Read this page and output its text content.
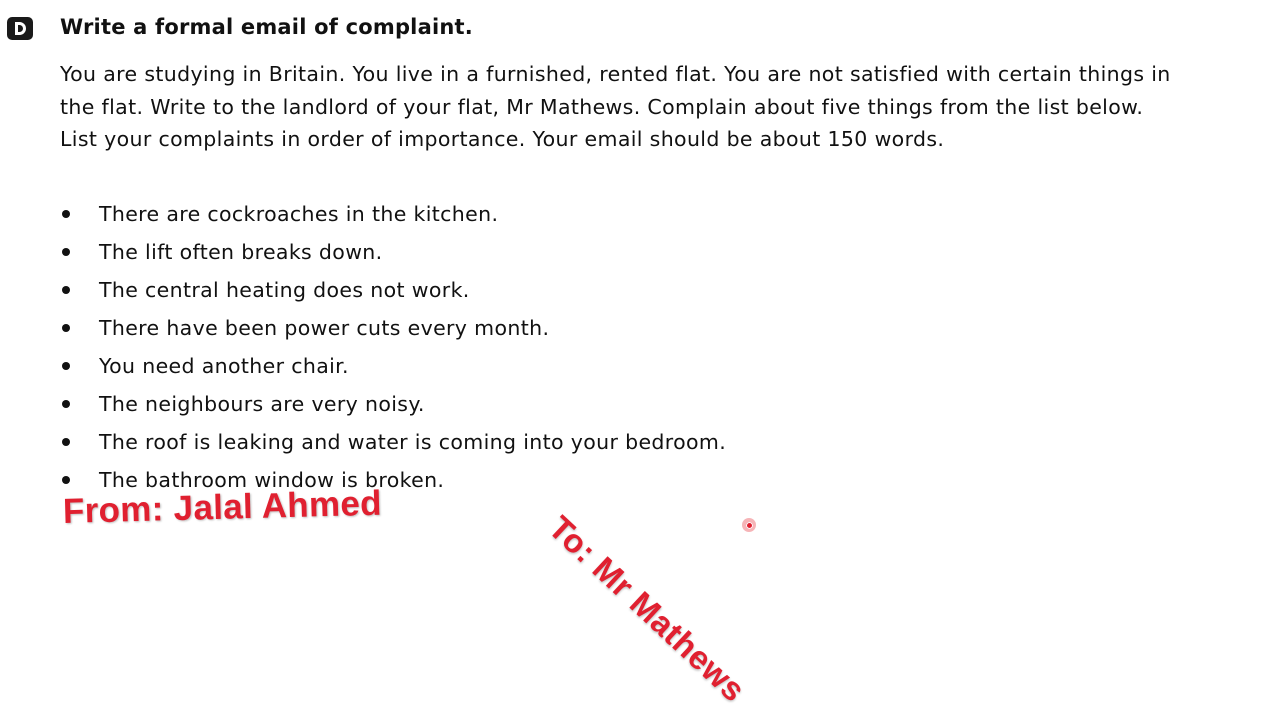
Write a formal email of complaint.

You are studying in Britain. You live in a furnished, rented flat. You are not satisfied with certain things in the flat. Write to the landlord of your flat, Mr Mathews. Complain about five things from the list below. List your complaints in order of importance. Your email should be about 150 words.

There are cockroaches in the kitchen.
The lift often breaks down.
The central heating does not work.
There have been power cuts every month.
You need another chair.
The neighbours are very noisy.
The roof is leaking and water is coming into your bedroom.
The bathroom window is broken.
From: Jalal Ahmed
To: Mr Mathews
